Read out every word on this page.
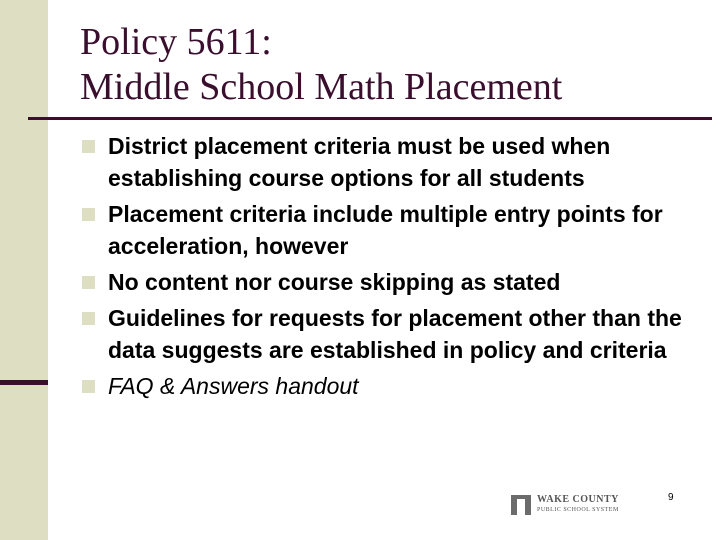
Policy 5611:
Middle School Math Placement
District placement criteria must be used when establishing course options for all students
Placement criteria include multiple entry points for acceleration, however
No content nor course skipping as stated
Guidelines for requests for placement other than the data suggests are established in policy and criteria
FAQ & Answers handout
WAKE COUNTY
PUBLIC SCHOOL SYSTEM
9
